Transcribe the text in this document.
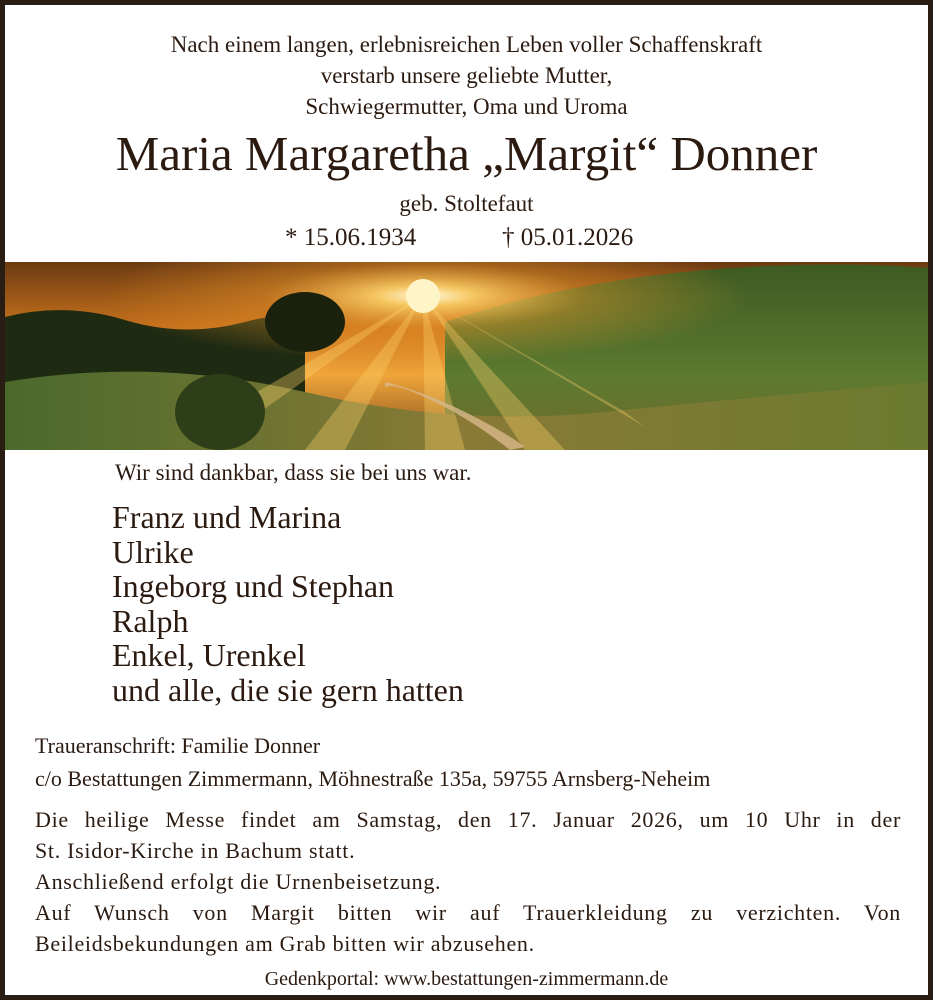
Nach einem langen, erlebnisreichen Leben voller Schaffenskraft
verstarb unsere geliebte Mutter,
Schwiegermutter, Oma und Uroma
Maria Margaretha „Margit“ Donner
geb. Stoltefaut
* 15.06.1934	† 05.01.2026
Wir sind dankbar, dass sie bei uns war.
Franz und Marina
Ulrike
Ingeborg und Stephan
Ralph
Enkel, Urenkel
und alle, die sie gern hatten
Traueranschrift: Familie Donner
c/o Bestattungen Zimmermann, Möhnestraße 135a, 59755 Arnsberg-Neheim
Die heilige Messe findet am Samstag, den 17. Januar 2026, um 10 Uhr in der
St. Isidor-Kirche in Bachum statt.
Anschließend erfolgt die Urnenbeisetzung.
Auf Wunsch von Margit bitten wir auf Trauerkleidung zu verzichten. Von
Beileidsbekundungen am Grab bitten wir abzusehen.
Gedenkportal: www.bestattungen-zimmermann.de
